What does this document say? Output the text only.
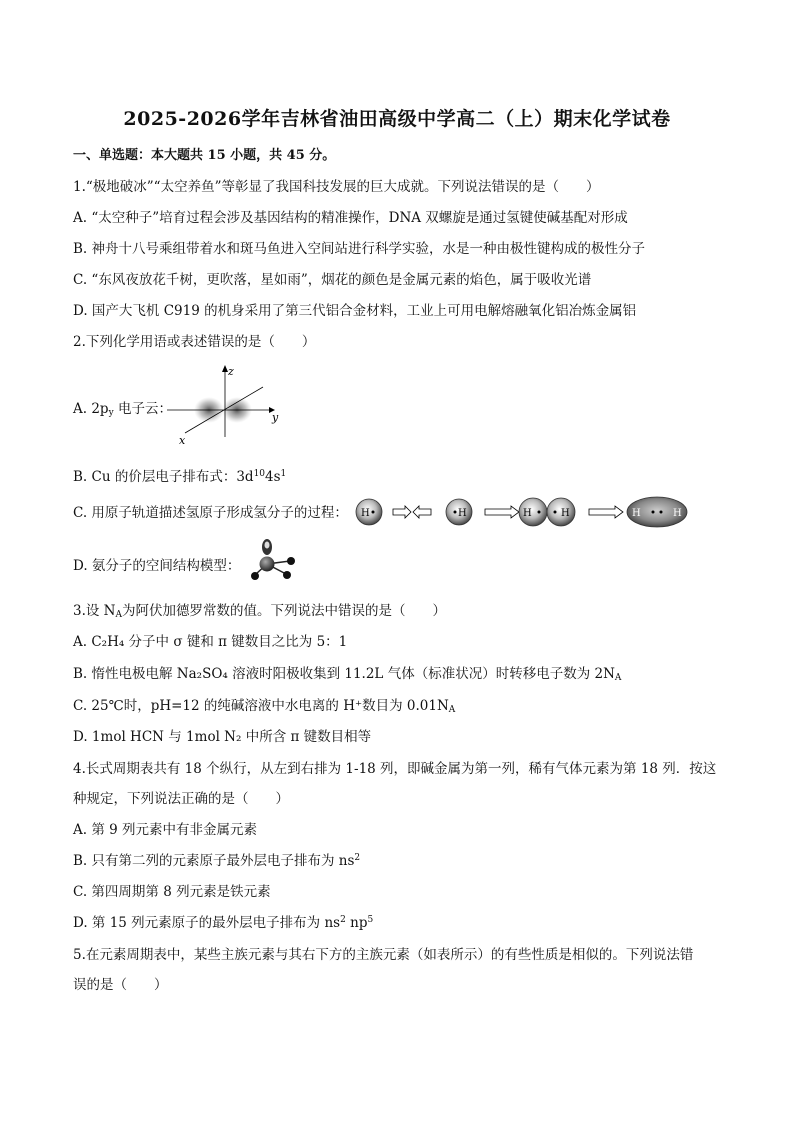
2025-2026学年吉林省油田高级中学高二（上）期末化学试卷
一、单选题：本大题共 15 小题，共 45 分。
1.“极地破冰”“太空养鱼”等彰显了我国科技发展的巨大成就。下列说法错误的是（　　）
A. “太空种子”培育过程会涉及基因结构的精准操作，DNA 双螺旋是通过氢键使碱基配对形成
B. 神舟十八号乘组带着水和斑马鱼进入空间站进行科学实验，水是一种由极性键构成的极性分子
C. “东风夜放花千树，更吹落，星如雨”，烟花的颜色是金属元素的焰色，属于吸收光谱
D. 国产大飞机 C919 的机身采用了第三代铝合金材料，工业上可用电解熔融氧化铝冶炼金属铝
2.下列化学用语或表述错误的是（　　）
A. $2p_y$ 电子云：
z
y
x
B. Cu 的价层电子排布式：$3d^{10}4s^1$
C. 用原子轨道描述氢原子形成氢分子的过程： H	H	H	H	H	H
D. 氨分子的空间结构模型：
3.设 $N_A$为阿伏加德罗常数的值。下列说法中错误的是（　　）
A. C₂H₄ 分子中 σ 键和 π 键数目之比为 5：1
B. 惰性电极电解 Na₂SO₄ 溶液时阳极收集到 11.2L 气体（标准状况）时转移电子数为 $2N_A$
C. 25℃时，pH=12 的纯碱溶液中水电离的 H⁺数目为 $0.01N_A$
D. 1mol HCN 与 1mol N₂ 中所含 π 键数目相等
4.长式周期表共有 18 个纵行，从左到右排为 1-18 列，即碱金属为第一列，稀有气体元素为第 18 列．按这
种规定，下列说法正确的是（　　）
A. 第 9 列元素中有非金属元素
B. 只有第二列的元素原子最外层电子排布为 $ns^2$
C. 第四周期第 8 列元素是铁元素
D. 第 15 列元素原子的最外层电子排布为 $ns^2$ $np^5$
5.在元素周期表中，某些主族元素与其右下方的主族元素（如表所示）的有些性质是相似的。下列说法错
误的是（　　）
